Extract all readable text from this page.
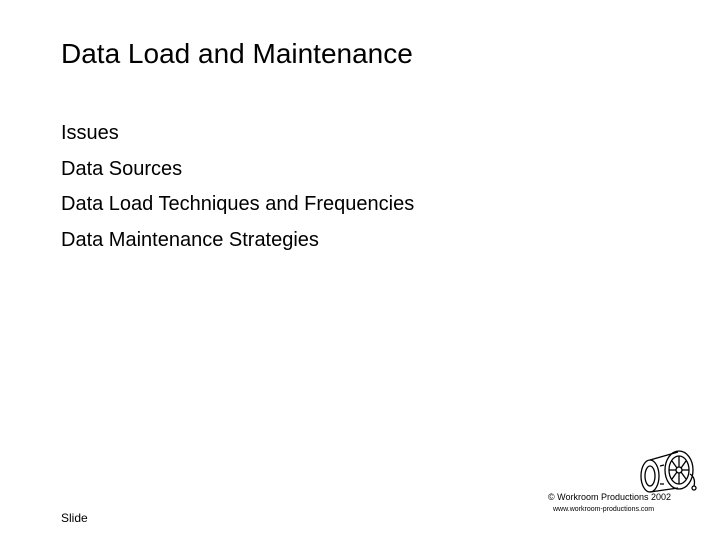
Data Load and Maintenance
Issues
Data Sources
Data Load Techniques and Frequencies
Data Maintenance Strategies
Slide
© Workroom Productions 2002
www.workroom-productions.com
